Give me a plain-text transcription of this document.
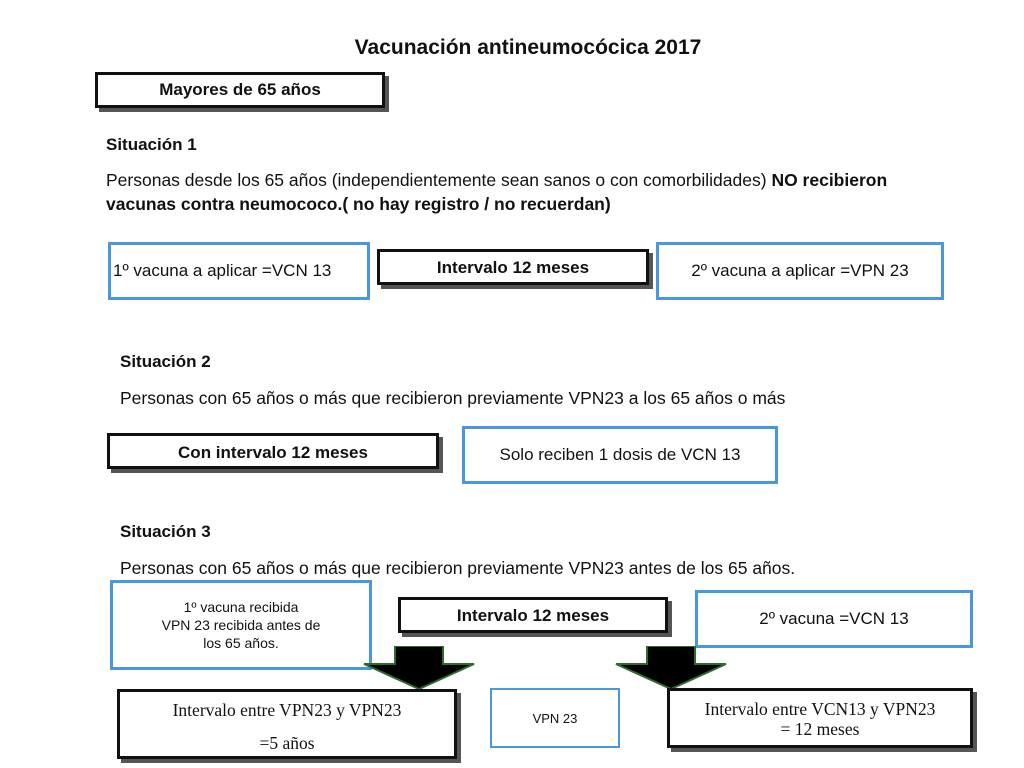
Vacunación antineumocócica 2017
Mayores de 65 años
Situación 1
Personas desde los 65 años (independientemente sean sanos o con comorbilidades) NO recibieron vacunas contra neumococo.( no hay registro / no recuerdan)
1º vacuna a aplicar =VCN 13	Intervalo 12 meses	2º vacuna a aplicar =VPN 23
Situación 2
Personas con 65 años o más que recibieron previamente VPN23 a los 65 años o más
Con intervalo 12 meses	Solo reciben 1 dosis de VCN 13
Situación 3
Personas con 65 años o más que recibieron previamente VPN23 antes de los 65 años.
1º vacuna recibida
VPN 23 recibida antes de
los 65 años.
Intervalo 12 meses	2º vacuna =VCN 13
Intervalo entre VPN23 y VPN23
=5 años
VPN 23	Intervalo entre VCN13 y VPN23
= 12 meses
